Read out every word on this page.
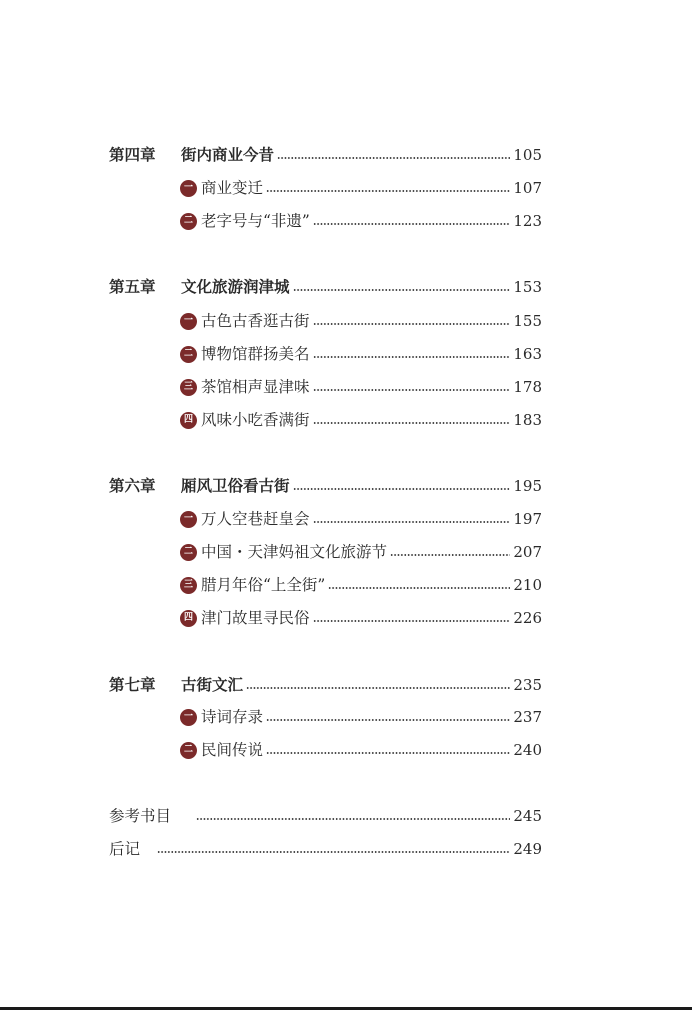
第四章	街内商业今昔	105
一 商业变迁	107
二 老字号与“非遗”	123
第五章	文化旅游润津城	153
一 古色古香逛古街	155
二 博物馆群扬美名	163
三 茶馆相声显津味	178
四 风味小吃香满街	183
第六章	厢风卫俗看古街	195
一 万人空巷赶皇会	197
二 中国・天津妈祖文化旅游节	207
三 腊月年俗“上全街”	210
四 津门故里寻民俗	226
第七章	古街文汇	235
一 诗词存录	237
二 民间传说	240
参考书目	245
后记	249
